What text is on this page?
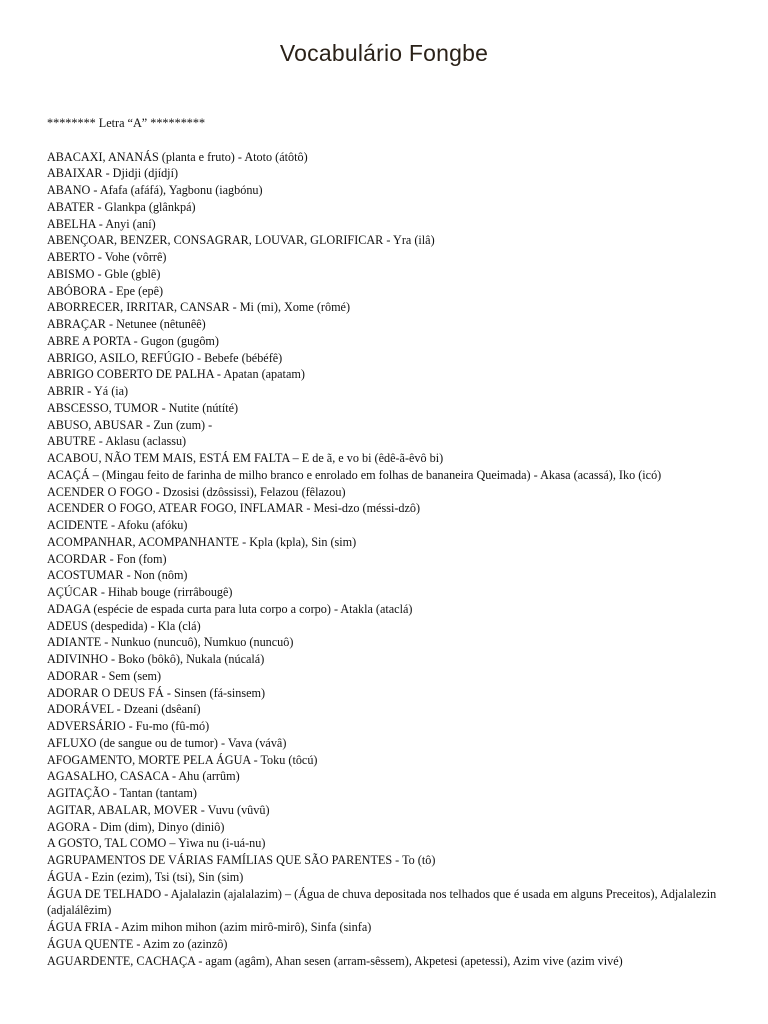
Vocabulário Fongbe

******** Letra “A” *********

ABACAXI, ANANÁS (planta e fruto) - Atoto (átôtô)

ABAIXAR - Djidji (djídjí)

ABANO - Afafa (afáfá), Yagbonu (iagbónu)

ABATER - Glankpa (glânkpá)

ABELHA - Anyi (aní)

ABENÇOAR, BENZER, CONSAGRAR, LOUVAR, GLORIFICAR - Yra (ilâ)

ABERTO - Vohe (vôrrê)

ABISMO - Gble (gblê)

ABÓBORA - Epe (epê)

ABORRECER, IRRITAR, CANSAR - Mi (mi), Xome (rômé)

ABRAÇAR - Netunee (nêtunêê)

ABRE A PORTA - Gugon (gugôm)

ABRIGO, ASILO, REFÚGIO - Bebefe (bébéfê)

ABRIGO COBERTO DE PALHA - Apatan (apatam)

ABRIR - Yá (ia)

ABSCESSO, TUMOR - Nutite (nútíté)

ABUSO, ABUSAR - Zun (zum) -

ABUTRE - Aklasu (aclassu)

ACABOU, NÃO TEM MAIS, ESTÁ EM FALTA – E de ã, e vo bi (êdê-ã-êvô bi)

ACAÇÁ – (Mingau feito de farinha de milho branco e enrolado em folhas de bananeira Queimada) - Akasa (acassá), Iko (icó)

ACENDER O FOGO - Dzosisi (dzôssissi), Felazou (fêlazou)

ACENDER O FOGO, ATEAR FOGO, INFLAMAR - Mesi-dzo (méssi-dzô)

ACIDENTE - Afoku (afóku)

ACOMPANHAR, ACOMPANHANTE - Kpla (kpla), Sin (sim)

ACORDAR - Fon (fom)

ACOSTUMAR - Non (nôm)

AÇÚCAR - Hihab bouge (rirrâbougê)

ADAGA (espécie de espada curta para luta corpo a corpo) - Atakla (ataclá)

ADEUS (despedida) - Kla (clá)

ADIANTE - Nunkuo (nuncuô), Numkuo (nuncuô)

ADIVINHO - Boko (bôkô), Nukala (núcalá)

ADORAR - Sem (sem)

ADORAR O DEUS FÁ - Sinsen (fá-sinsem)

ADORÁVEL - Dzeani (dsêaní)

ADVERSÁRIO - Fu-mo (fû-mó)

AFLUXO (de sangue ou de tumor) - Vava (vávâ)

AFOGAMENTO, MORTE PELA ÁGUA - Toku (tôcú)

AGASALHO, CASACA - Ahu (arrûm)

AGITAÇÃO - Tantan (tantam)

AGITAR, ABALAR, MOVER - Vuvu (vûvû)

AGORA - Dim (dim), Dinyo (diniô)

A GOSTO, TAL COMO – Yiwa nu (i-uá-nu)

AGRUPAMENTOS DE VÁRIAS FAMÍLIAS QUE SÃO PARENTES - To (tô)

ÁGUA - Ezin (ezim), Tsi (tsi), Sin (sim)

ÁGUA DE TELHADO - Ajalalazin (ajalalazim) – (Água de chuva depositada nos telhados que é usada em alguns Preceitos), Adjalalezin (adjalálêzim)

ÁGUA FRIA - Azim mihon mihon (azim mirô-mirô), Sinfa (sinfa)

ÁGUA QUENTE - Azim zo (azinzô)

AGUARDENTE, CACHAÇA - agam (agâm), Ahan sesen (arram-sêssem), Akpetesi (apetessi), Azim vive (azim vivé)
